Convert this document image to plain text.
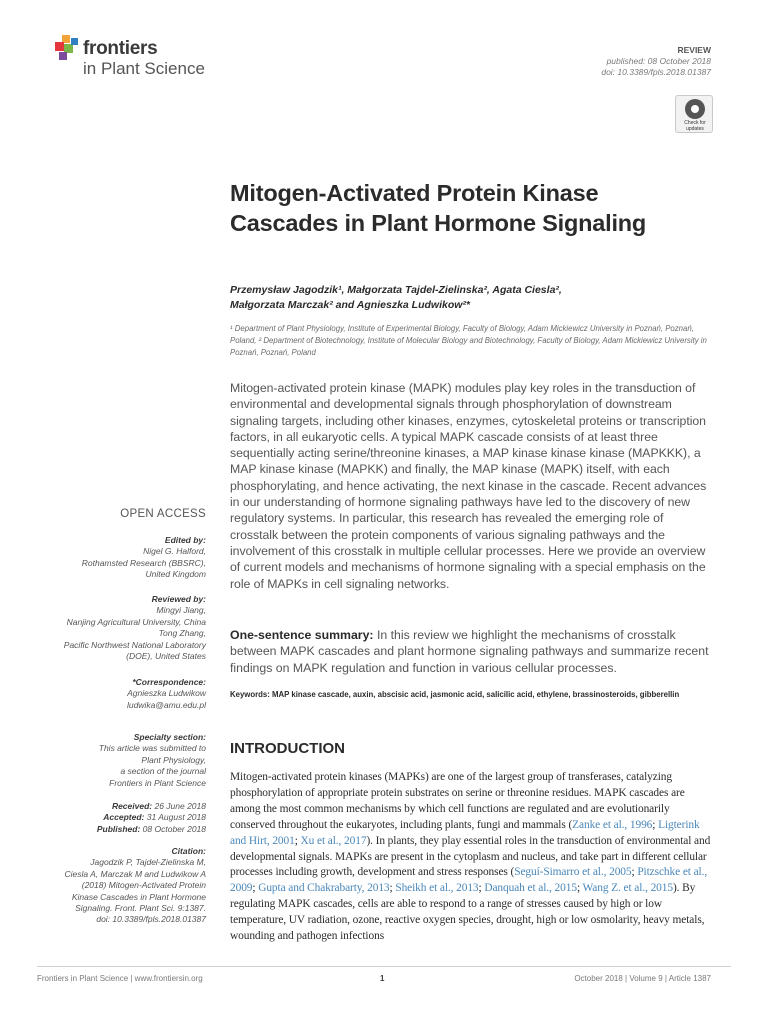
frontiers
in Plant Science
REVIEW
published: 08 October 2018
doi: 10.3389/fpls.2018.01387
Check for updates
Mitogen-Activated Protein Kinase Cascades in Plant Hormone Signaling
Przemysław Jagodzik¹, Małgorzata Tajdel-Zielinska², Agata Ciesla²,
Małgorzata Marczak² and Agnieszka Ludwikow²*
¹ Department of Plant Physiology, Institute of Experimental Biology, Faculty of Biology, Adam Mickiewicz University in Poznań, Poznań, Poland, ² Department of Biotechnology, Institute of Molecular Biology and Biotechnology, Faculty of Biology, Adam Mickiewicz University in Poznań, Poznań, Poland
Mitogen-activated protein kinase (MAPK) modules play key roles in the transduction of environmental and developmental signals through phosphorylation of downstream signaling targets, including other kinases, enzymes, cytoskeletal proteins or transcription factors, in all eukaryotic cells. A typical MAPK cascade consists of at least three sequentially acting serine/threonine kinases, a MAP kinase kinase kinase (MAPKKK), a MAP kinase kinase (MAPKK) and finally, the MAP kinase (MAPK) itself, with each phosphorylating, and hence activating, the next kinase in the cascade. Recent advances in our understanding of hormone signaling pathways have led to the discovery of new regulatory systems. In particular, this research has revealed the emerging role of crosstalk between the protein components of various signaling pathways and the involvement of this crosstalk in multiple cellular processes. Here we provide an overview of current models and mechanisms of hormone signaling with a special emphasis on the role of MAPKs in cell signaling networks.
One-sentence summary: In this review we highlight the mechanisms of crosstalk between MAPK cascades and plant hormone signaling pathways and summarize recent findings on MAPK regulation and function in various cellular processes.
Keywords: MAP kinase cascade, auxin, abscisic acid, jasmonic acid, salicilic acid, ethylene, brassinosteroids, gibberellin
INTRODUCTION
Mitogen-activated protein kinases (MAPKs) are one of the largest group of transferases, catalyzing phosphorylation of appropriate protein substrates on serine or threonine residues. MAPK cascades are among the most common mechanisms by which cell functions are regulated and are evolutionarily conserved throughout the eukaryotes, including plants, fungi and mammals (Zanke et al., 1996; Ligterink and Hirt, 2001; Xu et al., 2017). In plants, they play essential roles in the transduction of environmental and developmental signals. MAPKs are present in the cytoplasm and nucleus, and take part in different cellular processes including growth, development and stress responses (Seguí-Simarro et al., 2005; Pitzschke et al., 2009; Gupta and Chakrabarty, 2013; Sheikh et al., 2013; Danquah et al., 2015; Wang Z. et al., 2015). By regulating MAPK cascades, cells are able to respond to a range of stresses caused by high or low temperature, UV radiation, ozone, reactive oxygen species, drought, high or low osmolarity, heavy metals, wounding and pathogen infections
OPEN ACCESS
Edited by:
Nigel G. Halford,
Rothamsted Research (BBSRC),
United Kingdom
Reviewed by:
Mingyi Jiang,
Nanjing Agricultural University, China
Tong Zhang,
Pacific Northwest National Laboratory
(DOE), United States
*Correspondence:
Agnieszka Ludwikow
ludwika@amu.edu.pl
Specialty section:
This article was submitted to
Plant Physiology,
a section of the journal
Frontiers in Plant Science
Received: 26 June 2018
Accepted: 31 August 2018
Published: 08 October 2018
Citation:
Jagodzik P, Tajdel-Zielinska M,
Ciesla A, Marczak M and Ludwikow A
(2018) Mitogen-Activated Protein
Kinase Cascades in Plant Hormone
Signaling. Front. Plant Sci. 9:1387.
doi: 10.3389/fpls.2018.01387
Frontiers in Plant Science | www.frontiersin.org	1	October 2018 | Volume 9 | Article 1387
